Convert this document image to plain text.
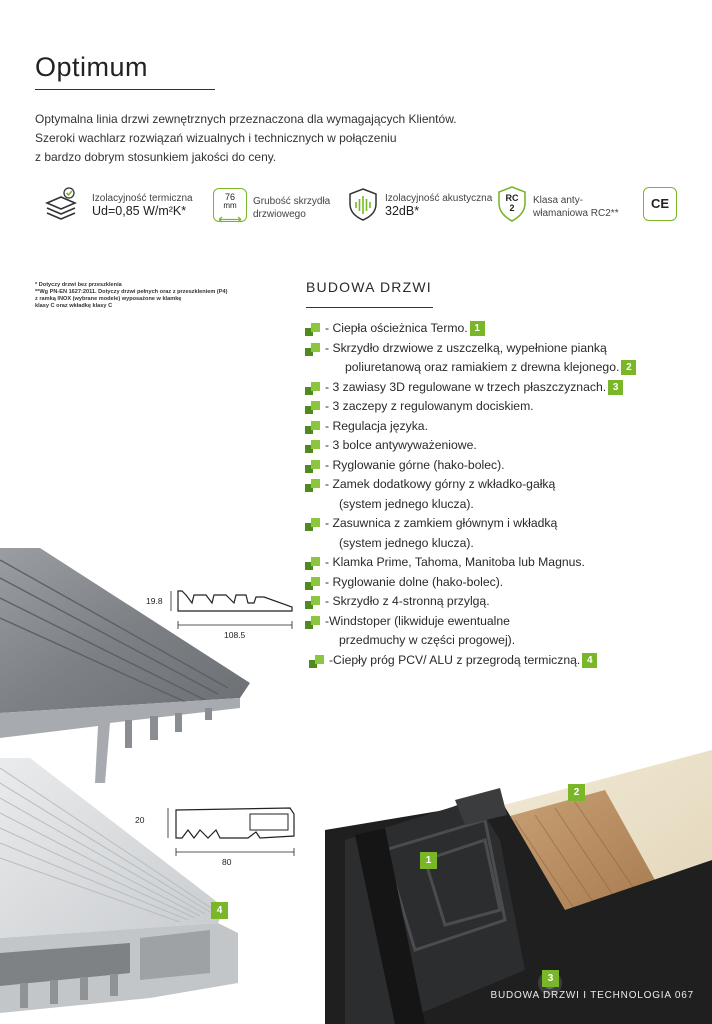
Optimum

Optymalna linia drzwi zewnętrznych przeznaczona dla wymagających Klientów.

Szeroki wachlarz rozwiązań wizualnych i technicznych w połączeniu

z bardzo dobrym stosunkiem jakości do ceny.

Izolacyjność termiczna
Ud=0,85 W/m²K*
76
mm	Grubość skrzydła
drzwiowego
Izolacyjność akustyczna
32dB*
RC
2
Klasa anty-
włamaniowa RC2**
CE

* Dotyczy drzwi bez przeszklenia

**Wg PN-EN 1627:2011. Dotyczy drzwi pełnych oraz z przeszkleniem (P4)

z ramką INOX (wybrane modele) wyposażone w klamkę

klasy C oraz wkładkę klasy C

BUDOWA DRZWI
- Ciepła ościeżnica Termo. 1
- Skrzydło drzwiowe z uszczelką, wypełnione pianką
poliuretanową oraz ramiakiem z drewna klejonego. 2
- 3 zawiasy 3D regulowane w trzech płaszczyznach. 3
- 3 zaczepy z regulowanym dociskiem.
- Regulacja języka.
- 3 bolce antywyważeniowe.
- Ryglowanie górne (hako-bolec).
- Zamek dodatkowy górny z wkładko-gałką
(system jednego klucza).
- Zasuwnica z zamkiem głównym i wkładką
(system jednego klucza).
- Klamka Prime, Tahoma, Manitoba lub Magnus.
- Ryglowanie dolne (hako-bolec).
- Skrzydło z 4-stronną przylgą.
-Windstoper (likwiduje ewentualne
przedmuchy w części progowej).
-Ciepły próg PCV/ ALU z przegrodą termiczną. 4
19.8
108.5
20
80
4
2
1
3
BUDOWA DRZWI I TECHNOLOGIA 067
